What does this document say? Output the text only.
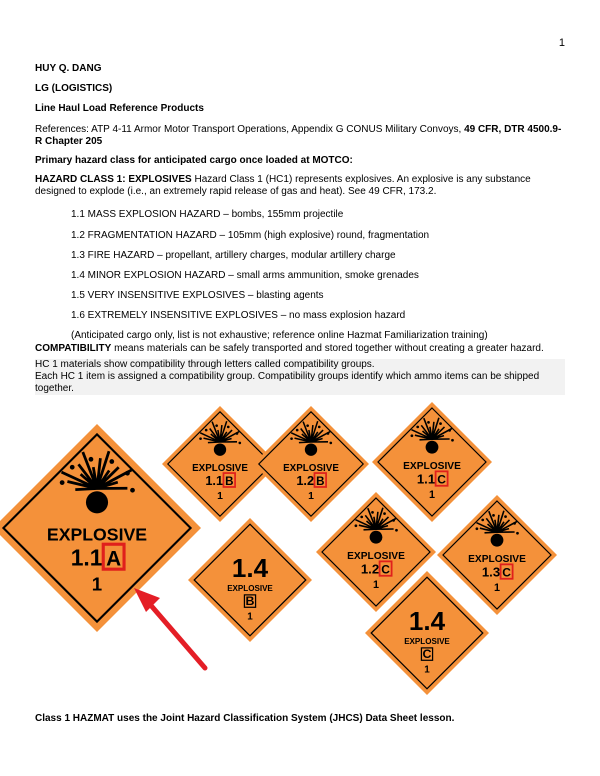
1
HUY Q. DANG
LG (LOGISTICS)
Line Haul Load Reference Products
References: ATP 4-11 Armor Motor Transport Operations, Appendix G CONUS Military Convoys, 49 CFR, DTR 4500.9-R Chapter 205
Primary hazard class for anticipated cargo once loaded at MOTCO:
HAZARD CLASS 1: EXPLOSIVES Hazard Class 1 (HC1) represents explosives. An explosive is any substance designed to explode (i.e., an extremely rapid release of gas and heat). See 49 CFR, 173.2.
1.1 MASS EXPLOSION HAZARD – bombs, 155mm projectile
1.2 FRAGMENTATION HAZARD – 105mm (high explosive) round, fragmentation
1.3 FIRE HAZARD – propellant, artillery charges, modular artillery charge
1.4 MINOR EXPLOSION HAZARD – small arms ammunition, smoke grenades
1.5 VERY INSENSITIVE EXPLOSIVES – blasting agents
1.6 EXTREMELY INSENSITIVE EXPLOSIVES – no mass explosion hazard
(Anticipated cargo only, list is not exhaustive; reference online Hazmat Familiarization training)
COMPATIBILITY means materials can be safely transported and stored together without creating a greater hazard.
HC 1 materials show compatibility through letters called compatibility groups.
Each HC 1 item is assigned a compatibility group. Compatibility groups identify which ammo items can be shipped together.
EXPLOSIVE
1.1 A
1
EXPLOSIVE
1.1 B
1
EXPLOSIVE
1.2 B
1
EXPLOSIVE
1.1 C
1
EXPLOSIVE
1.2 C
1
EXPLOSIVE
1.3 C
1
1.4
EXPLOSIVE
B
1	1.4
EXPLOSIVE
C
1
Class 1 HAZMAT uses the Joint Hazard Classification System (JHCS) Data Sheet lesson.
